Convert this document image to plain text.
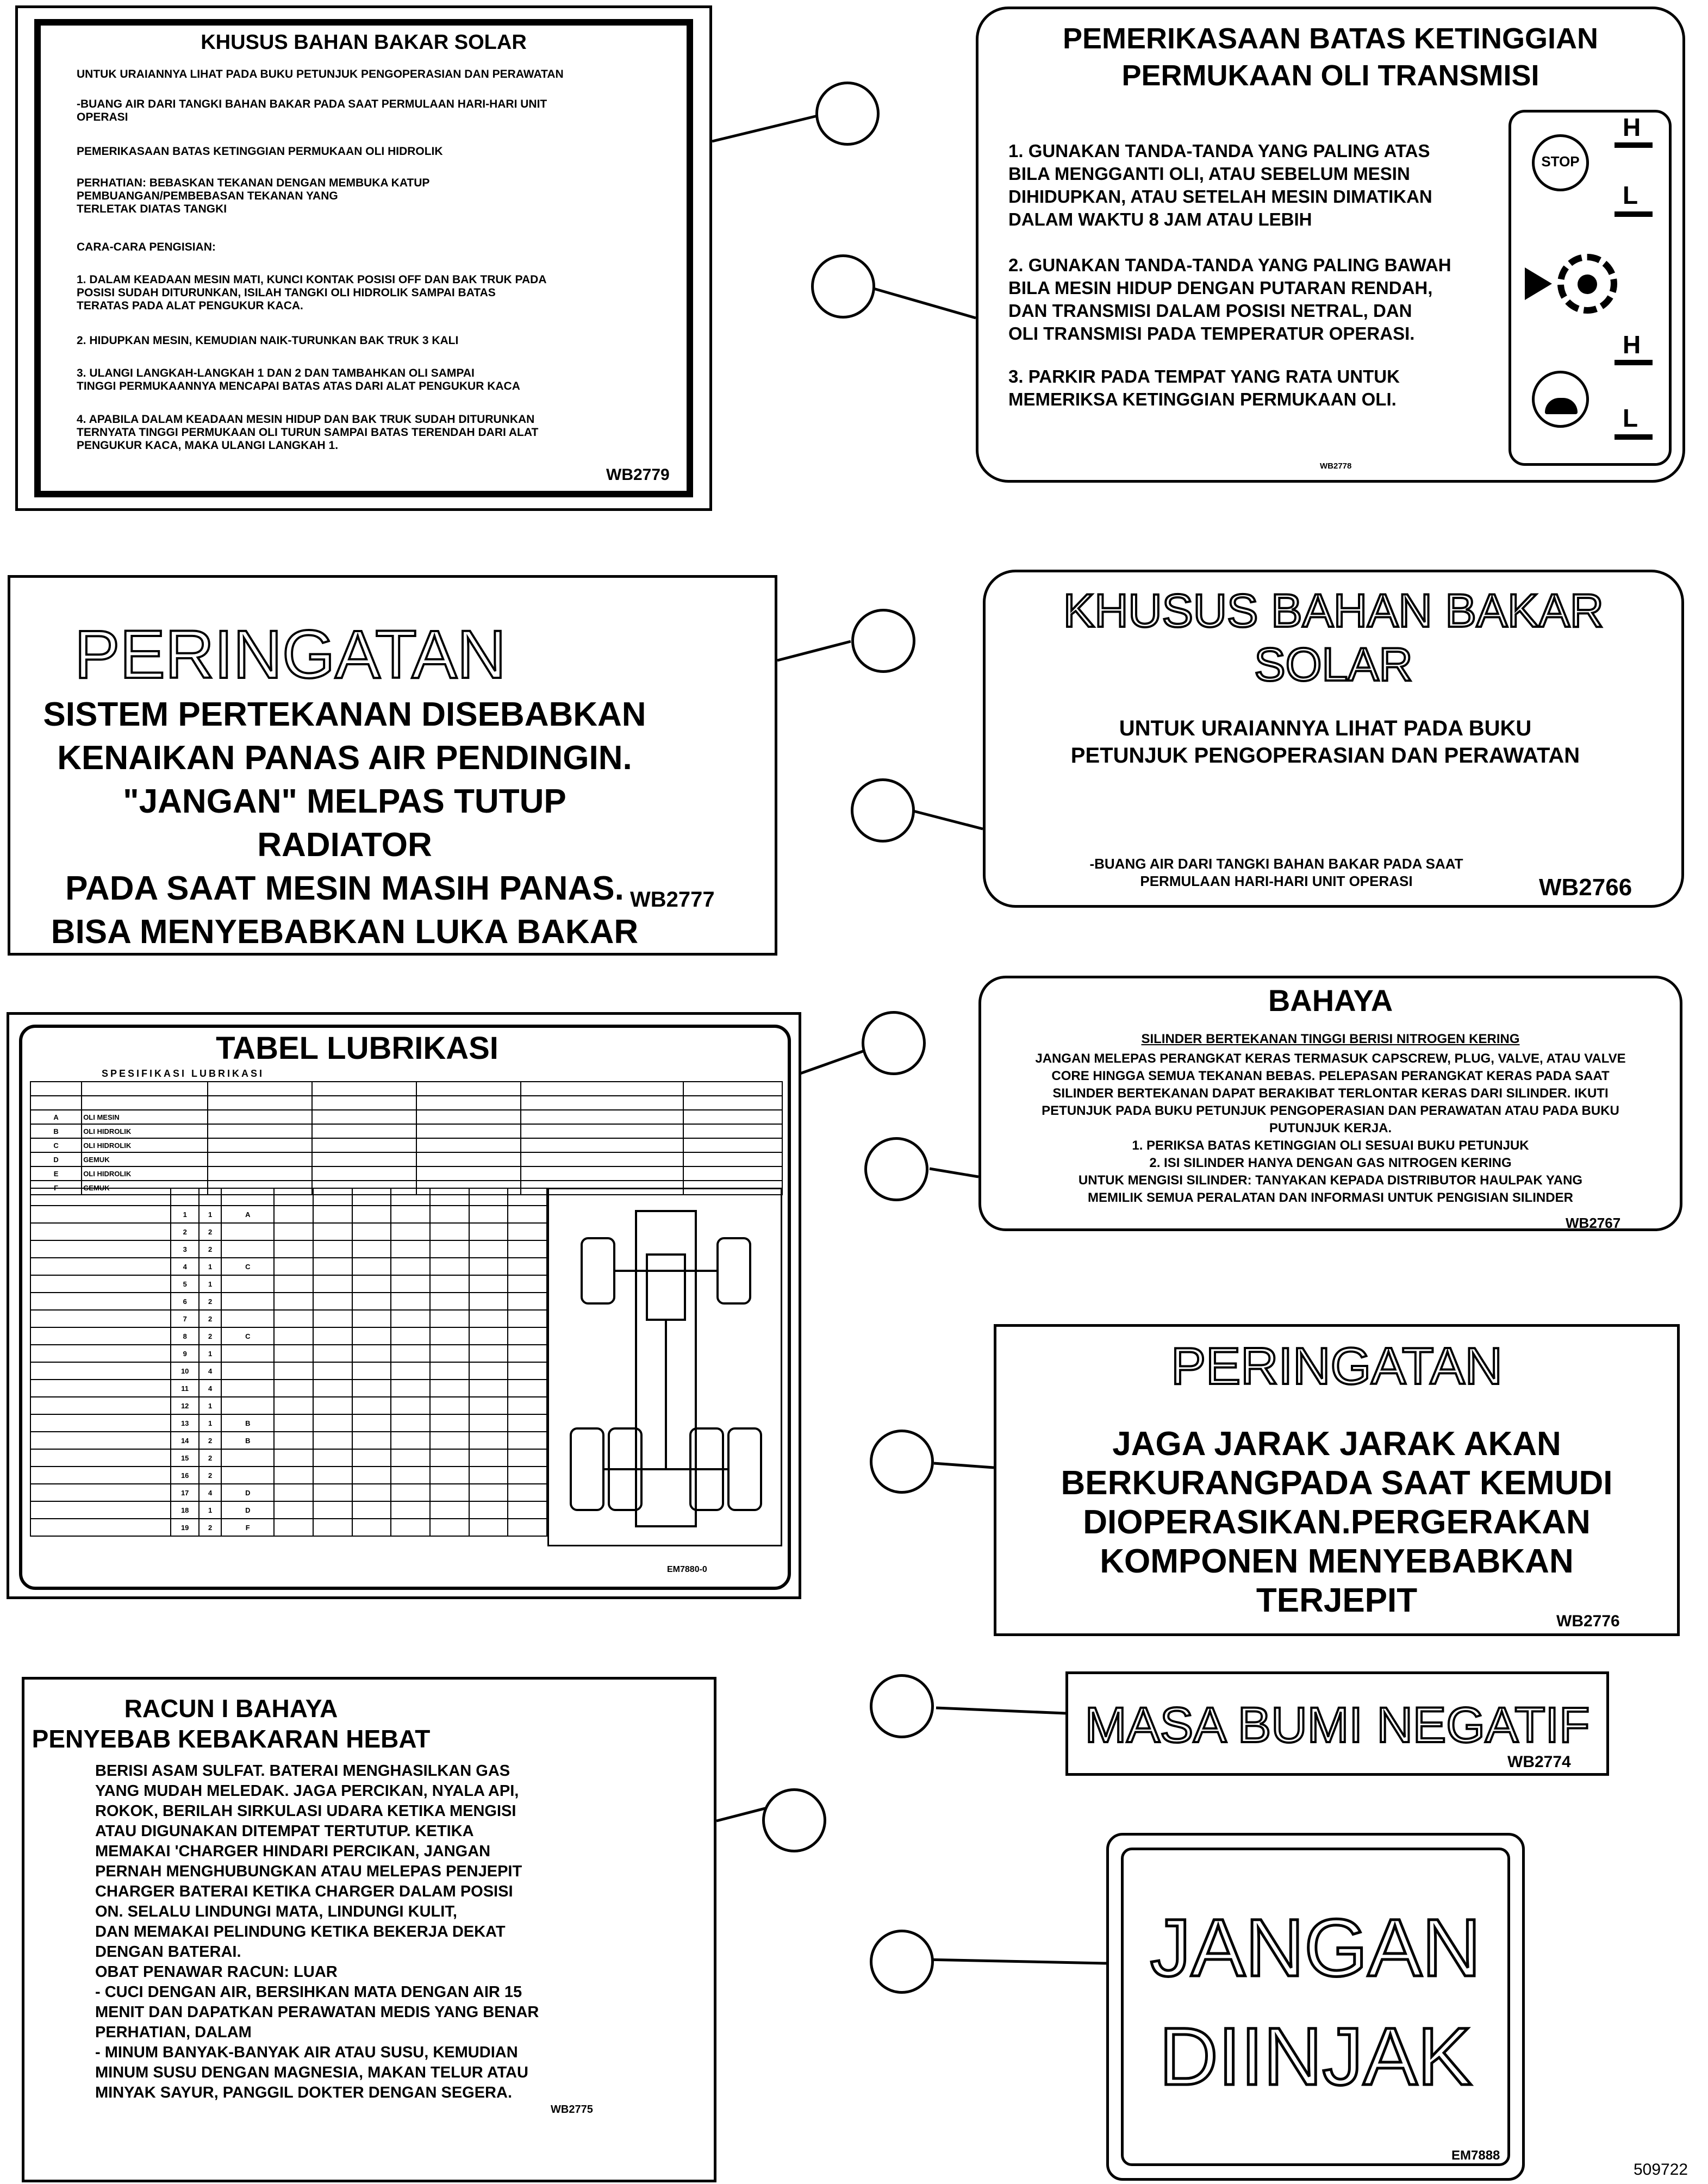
KHUSUS BAHAN BAKAR SOLAR
UNTUK URAIANNYA LIHAT PADA BUKU PETUNJUK PENGOPERASIAN DAN PERAWATAN
-BUANG AIR DARI TANGKI BAHAN BAKAR PADA SAAT PERMULAAN HARI-HARI UNIT
OPERASI
PEMERIKASAAN BATAS KETINGGIAN PERMUKAAN OLI HIDROLIK
PERHATIAN: BEBASKAN TEKANAN DENGAN MEMBUKA KATUP
PEMBUANGAN/PEMBEBASAN TEKANAN YANG
TERLETAK DIATAS TANGKI
CARA-CARA PENGISIAN:
1. DALAM KEADAAN MESIN MATI, KUNCI KONTAK POSISI OFF DAN BAK TRUK PADA
POSISI SUDAH DITURUNKAN, ISILAH TANGKI OLI HIDROLIK SAMPAI BATAS
TERATAS PADA ALAT PENGUKUR KACA.
2. HIDUPKAN MESIN, KEMUDIAN NAIK-TURUNKAN BAK TRUK 3 KALI
3. ULANGI LANGKAH-LANGKAH 1 DAN 2 DAN TAMBAHKAN OLI SAMPAI
TINGGI PERMUKAANNYA MENCAPAI BATAS ATAS DARI ALAT PENGUKUR KACA
4. APABILA DALAM KEADAAN MESIN HIDUP DAN BAK TRUK SUDAH DITURUNKAN
TERNYATA TINGGI PERMUKAAN OLI TURUN SAMPAI BATAS TERENDAH DARI ALAT
PENGUKUR KACA, MAKA ULANGI LANGKAH 1.
WB2779
PEMERIKASAAN BATAS KETINGGIAN
PERMUKAAN OLI TRANSMISI
1. GUNAKAN TANDA-TANDA YANG PALING ATAS
BILA MENGGANTI OLI, ATAU SEBELUM MESIN
DIHIDUPKAN, ATAU SETELAH MESIN DIMATIKAN
DALAM WAKTU 8 JAM ATAU LEBIH
2. GUNAKAN TANDA-TANDA YANG PALING BAWAH
BILA MESIN HIDUP DENGAN PUTARAN RENDAH,
DAN TRANSMISI DALAM POSISI NETRAL, DAN
OLI TRANSMISI PADA TEMPERATUR OPERASI.
3. PARKIR PADA TEMPAT YANG RATA UNTUK
MEMERIKSA KETINGGIAN PERMUKAAN OLI.
STOP
H
L
H
L
WB2778
PERINGATAN
SISTEM PERTEKANAN DISEBABKAN
KENAIKAN PANAS AIR PENDINGIN.
"JANGAN" MELPAS TUTUP RADIATOR
PADA SAAT MESIN MASIH PANAS.
BISA MENYEBABKAN LUKA BAKAR
WB2777
KHUSUS BAHAN BAKAR SOLAR
UNTUK URAIANNYA LIHAT PADA BUKU
PETUNJUK PENGOPERASIAN DAN PERAWATAN
-BUANG AIR DARI TANGKI BAHAN BAKAR PADA SAAT
PERMULAAN HARI-HARI UNIT OPERASI	WB2766
TABEL LUBRIKASI
SPESIFIKASI LUBRIKASI

A	OLI MESIN					
B	OLI HIDROLIK					
C	OLI HIDROLIK					
D	GEMUK					
E	OLI HIDROLIK					
F	GEMUK					

	1	1	A							
	2	2								
	3	2								
	4	1	C							
	5	1								
	6	2								
	7	2								
	8	2	C							
	9	1								
	10	4								
	11	4								
	12	1								
	13	1	B							
	14	2	B							
	15	2								
	16	2								
	17	4	D							
	18	1	D							
	19	2	F							
EM7880-0
BAHAYA
SILINDER BERTEKANAN TINGGI BERISI NITROGEN KERING
JANGAN MELEPAS PERANGKAT KERAS TERMASUK CAPSCREW, PLUG, VALVE, ATAU VALVE
CORE HINGGA SEMUA TEKANAN BEBAS. PELEPASAN PERANGKAT KERAS PADA SAAT
SILINDER BERTEKANAN DAPAT BERAKIBAT TERLONTAR KERAS DARI SILINDER. IKUTI
PETUNJUK PADA BUKU PETUNJUK PENGOPERASIAN DAN PERAWATAN ATAU PADA BUKU
PUTUNJUK KERJA.
1. PERIKSA BATAS KETINGGIAN OLI SESUAI BUKU PETUNJUK
2. ISI SILINDER HANYA DENGAN GAS NITROGEN KERING
UNTUK MENGISI SILINDER: TANYAKAN KEPADA DISTRIBUTOR HAULPAK YANG
MEMILIK SEMUA PERALATAN DAN INFORMASI UNTUK PENGISIAN SILINDER
WB2767
PERINGATAN
JAGA JARAK JARAK AKAN
BERKURANGPADA SAAT KEMUDI
DIOPERASIKAN.PERGERAKAN
KOMPONEN MENYEBABKAN
TERJEPIT
WB2776
RACUN I BAHAYA
PENYEBAB KEBAKARAN HEBAT
BERISI ASAM SULFAT. BATERAI MENGHASILKAN GAS
YANG MUDAH MELEDAK. JAGA PERCIKAN, NYALA API,
ROKOK, BERILAH SIRKULASI UDARA KETIKA MENGISI
ATAU DIGUNAKAN DITEMPAT TERTUTUP. KETIKA
MEMAKAI 'CHARGER HINDARI PERCIKAN, JANGAN
PERNAH MENGHUBUNGKAN ATAU MELEPAS PENJEPIT
CHARGER BATERAI KETIKA CHARGER DALAM POSISI
ON. SELALU LINDUNGI MATA, LINDUNGI KULIT,
DAN MEMAKAI PELINDUNG KETIKA BEKERJA DEKAT
DENGAN BATERAI.
OBAT PENAWAR RACUN: LUAR
- CUCI DENGAN AIR, BERSIHKAN MATA DENGAN AIR 15
MENIT DAN DAPATKAN PERAWATAN MEDIS YANG BENAR
PERHATIAN, DALAM
- MINUM BANYAK-BANYAK AIR ATAU SUSU, KEMUDIAN
MINUM SUSU DENGAN MAGNESIA, MAKAN TELUR ATAU
MINYAK SAYUR, PANGGIL DOKTER DENGAN SEGERA.
WB2775
MASA BUMI NEGATIF
WB2774
JANGAN
DIINJAK
EM7888
509722
